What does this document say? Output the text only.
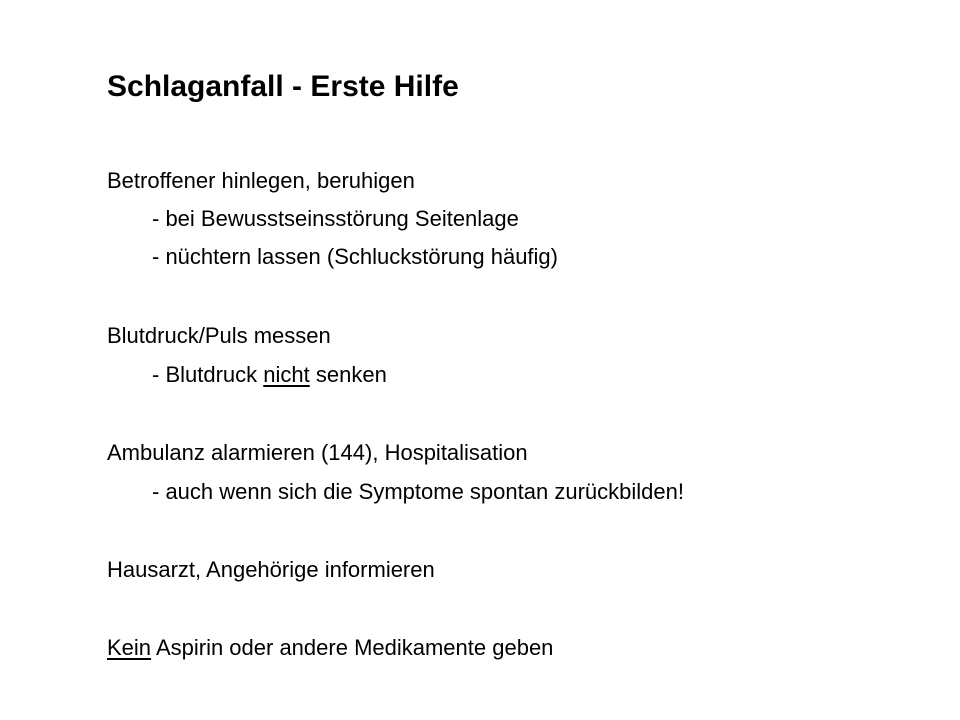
Schlaganfall - Erste Hilfe
Betroffener hinlegen, beruhigen
- bei Bewusstseinsstörung Seitenlage
- nüchtern lassen (Schluckstörung häufig)
Blutdruck/Puls messen
- Blutdruck nicht senken
Ambulanz alarmieren (144), Hospitalisation
- auch wenn sich die Symptome spontan zurückbilden!
Hausarzt, Angehörige informieren
Kein Aspirin oder andere Medikamente geben
